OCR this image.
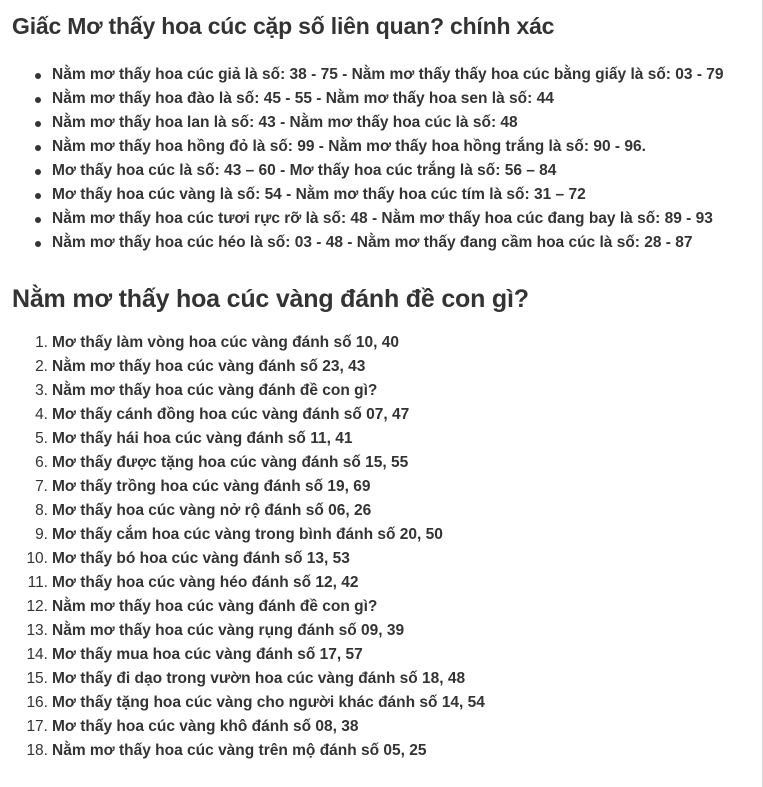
Giấc Mơ thấy hoa cúc cặp số liên quan? chính xác
Nằm mơ thấy hoa cúc giả là số: 38 - 75 - Nằm mơ thấy thấy hoa cúc bằng giấy là số: 03 - 79
Nằm mơ thấy hoa đào là số: 45 - 55 - Nằm mơ thấy hoa sen là số: 44
Nằm mơ thấy hoa lan là số: 43 - Nằm mơ thấy hoa cúc là số: 48
Nằm mơ thấy hoa hồng đỏ là số: 99 - Nằm mơ thấy hoa hồng trắng là số: 90 - 96.
Mơ thấy hoa cúc là số: 43 – 60 - Mơ thấy hoa cúc trắng là số: 56 – 84
Mơ thấy hoa cúc vàng là số: 54 - Nằm mơ thấy hoa cúc tím là số: 31 – 72
Nằm mơ thấy hoa cúc tươi rực rỡ là số: 48 - Nằm mơ thấy hoa cúc đang bay là số: 89 - 93
Nằm mơ thấy hoa cúc héo là số: 03 - 48 - Nằm mơ thấy đang cầm hoa cúc là số: 28 - 87
Nằm mơ thấy hoa cúc vàng đánh đề con gì?
1. Mơ thấy làm vòng hoa cúc vàng đánh số 10, 40
2. Nằm mơ thấy hoa cúc vàng đánh số 23, 43
3. Nằm mơ thấy hoa cúc vàng đánh đề con gì?
4. Mơ thấy cánh đồng hoa cúc vàng đánh số 07, 47
5. Mơ thấy hái hoa cúc vàng đánh số 11, 41
6. Mơ thấy được tặng hoa cúc vàng đánh số 15, 55
7. Mơ thấy trồng hoa cúc vàng đánh số 19, 69
8. Mơ thấy hoa cúc vàng nở rộ đánh số 06, 26
9. Mơ thấy cắm hoa cúc vàng trong bình đánh số 20, 50
10. Mơ thấy bó hoa cúc vàng đánh số 13, 53
11. Mơ thấy hoa cúc vàng héo đánh số 12, 42
12. Nằm mơ thấy hoa cúc vàng đánh đề con gì?
13. Nằm mơ thấy hoa cúc vàng rụng đánh số 09, 39
14. Mơ thấy mua hoa cúc vàng đánh số 17, 57
15. Mơ thấy đi dạo trong vườn hoa cúc vàng đánh số 18, 48
16. Mơ thấy tặng hoa cúc vàng cho người khác đánh số 14, 54
17. Mơ thấy hoa cúc vàng khô đánh số 08, 38
18. Nằm mơ thấy hoa cúc vàng trên mộ đánh số 05, 25
